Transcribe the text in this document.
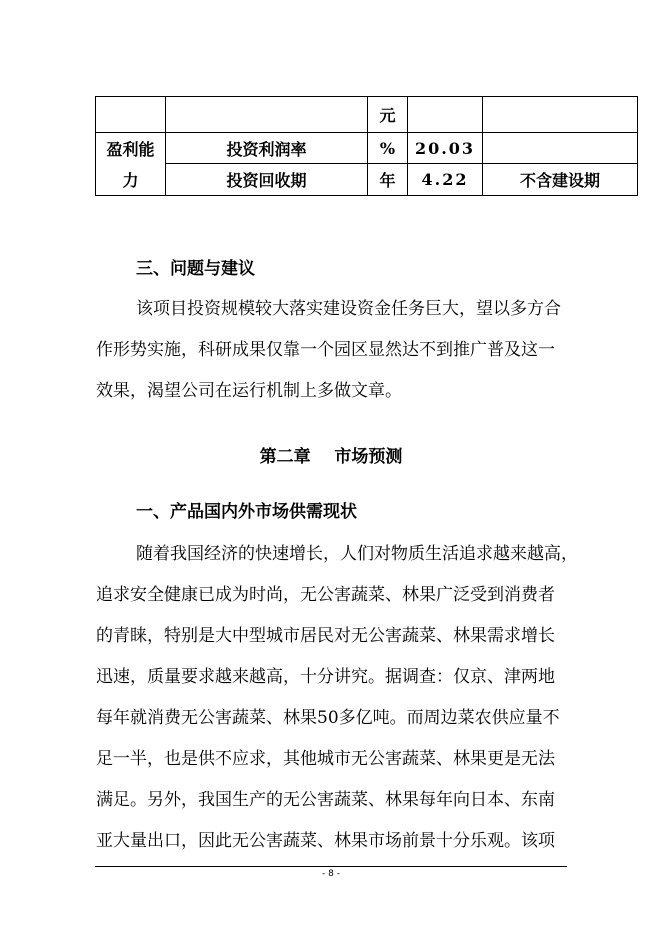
		元		
盈利能	投资利润率	%	20.03	
力	投资回收期	年	4.22	不含建设期
三、问题与建议
该项目投资规模较大落实建设资金任务巨大，望以多方合
作形势实施，科研成果仅靠一个园区显然达不到推广普及这一
效果，渴望公司在运行机制上多做文章。
第二章    市场预测
一、产品国内外市场供需现状
随着我国经济的快速增长，人们对物质生活追求越来越高，
追求安全健康已成为时尚，无公害蔬菜、林果广泛受到消费者
的青睐，特别是大中型城市居民对无公害蔬菜、林果需求增长
迅速，质量要求越来越高，十分讲究。据调查：仅京、津两地
每年就消费无公害蔬菜、林果50多亿吨。而周边菜农供应量不
足一半，也是供不应求，其他城市无公害蔬菜、林果更是无法
满足。另外，我国生产的无公害蔬菜、林果每年向日本、东南
亚大量出口，因此无公害蔬菜、林果市场前景十分乐观。该项
- 8 -
